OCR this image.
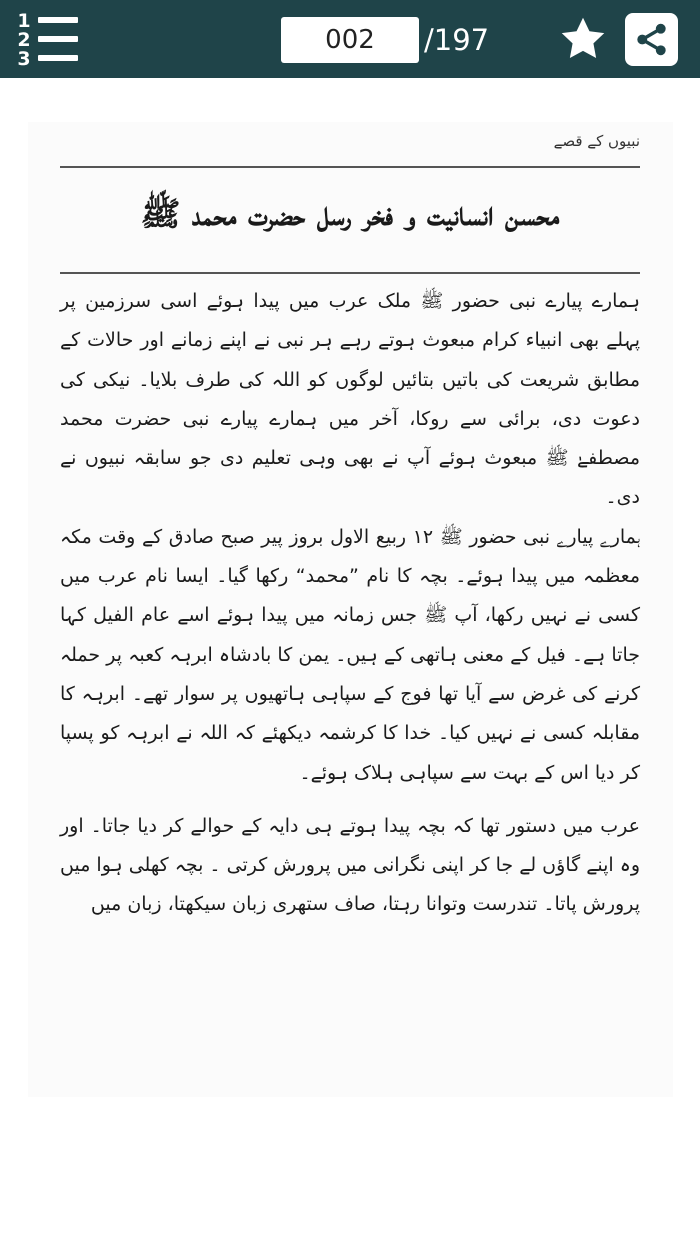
1
2
3
002
/197
نبیوں کے قصے
محسن انسانیت و فخر رسل حضرت محمد ﷺ

ہمارے پیارے نبی حضور ﷺ ملک عرب میں پیدا ہوئے اسی سرزمین پر پہلے بھی انبیاء کرام مبعوث ہوتے رہے ہر نبی نے اپنے زمانے اور حالات کے مطابق شریعت کی باتیں بتائیں لوگوں کو اللہ کی طرف بلایا۔ نیکی کی دعوت دی، برائی سے روکا، آخر میں ہمارے پیارے نبی حضرت محمد مصطفےٰ ﷺ مبعوث ہوئے آپ نے بھی وہی تعلیم دی جو سابقہ نبیوں نے دی۔

ہمارے پیارے نبی حضور ﷺ ۱۲ ربیع الاول بروز پیر صبح صادق کے وقت مکہ معظمہ میں پیدا ہوئے۔ بچہ کا نام ”محمد“ رکھا گیا۔ ایسا نام عرب میں کسی نے نہیں رکھا، آپ ﷺ جس زمانہ میں پیدا ہوئے اسے عام الفیل کہا جاتا ہے۔ فیل کے معنی ہاتھی کے ہیں۔ یمن کا بادشاہ ابرہہ کعبہ پر حملہ کرنے کی غرض سے آیا تھا فوج کے سپاہی ہاتھیوں پر سوار تھے۔ ابرہہ کا مقابلہ کسی نے نہیں کیا۔ خدا کا کرشمہ دیکھئے کہ اللہ نے ابرہہ کو پسپا کر دیا اس کے بہت سے سپاہی ہلاک ہوئے۔

عرب میں دستور تھا کہ بچہ پیدا ہوتے ہی دایہ کے حوالے کر دیا جاتا۔ اور وہ اپنے گاؤں لے جا کر اپنی نگرانی میں پرورش کرتی ۔ بچہ کھلی ہوا میں پرورش پاتا۔ تندرست وتوانا رہتا، صاف ستھری زبان سیکھتا، زبان میں
